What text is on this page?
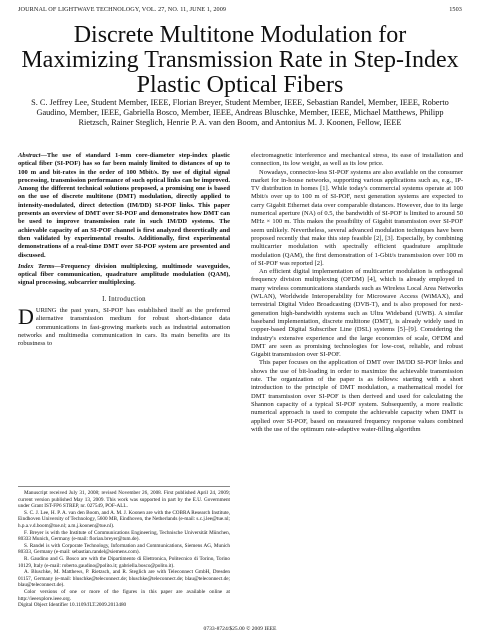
JOURNAL OF LIGHTWAVE TECHNOLOGY, VOL. 27, NO. 11, JUNE 1, 2009	1503
Discrete Multitone Modulation for Maximizing Transmission Rate in Step-Index Plastic Optical Fibers
S. C. Jeffrey Lee, Student Member, IEEE, Florian Breyer, Student Member, IEEE, Sebastian Randel, Member, IEEE, Roberto Gaudino, Member, IEEE, Gabriella Bosco, Member, IEEE, Andreas Bluschke, Member, IEEE, Michael Matthews, Philipp Rietzsch, Rainer Steglich, Henrie P. A. van den Boom, and Antonius M. J. Koonen, Fellow, IEEE

Abstract—The use of standard 1-mm core-diameter step-index plastic optical fiber (SI-POF) has so far been mainly limited to distances of up to 100 m and bit-rates in the order of 100 Mbit/s. By use of digital signal processing, transmission performance of such optical links can be improved. Among the different technical solutions proposed, a promising one is based on the use of discrete multitone (DMT) modulation, directly applied to intensity-modulated, direct detection (IM/DD) SI-POF links. This paper presents an overview of DMT over SI-POF and demonstrates how DMT can be used to improve transmission rate in such IM/DD systems. The achievable capacity of an SI-POF channel is first analyzed theoretically and then validated by experimental results. Additionally, first experimental demonstrations of a real-time DMT over SI-POF system are presented and discussed.

Index Terms—Frequency division multiplexing, multimode waveguides, optical fiber communication, quadrature amplitude modulation (QAM), signal processing, subcarrier multiplexing.

I. Introduction
DURING the past years, SI-POF has established itself as the preferred alternative transmission medium for robust short-distance data communications in fast-growing markets such as industrial automation networks and multimedia communication in cars. Its main benefits are its robustness to

Manuscript received July 31, 2008; revised November 26, 2008. First published April 24, 2009; current version published May 13, 2009. This work was supported in part by the E.U. Government under Grant IST-FP6 STREP, nr. 027549, POF-ALL.

S. C. J. Lee, H. P. A. van den Boom, and A. M. J. Koonen are with the COBRA Research Institute, Eindhoven University of Technology, 5600 MB, Eindhoven, the Netherlands (e-mail: s.c.j.lee@tue.nl; h.p.a.v.d.boom@tue.nl; a.m.j.koonen@tue.nl).

F. Breyer is with the Institute of Communications Engineering, Technische Universität München, 80333 Munich, Germany (e-mail: florian.breyer@tum.de).

S. Randel is with Corporate Technology, Information and Communications, Siemens AG, Munich 80333, Germany (e-mail: sebastian.randel@siemens.com).

R. Gaudino and G. Bosco are with the Dipartimento di Elettronica, Politecnico di Torino, Torino 10129, Italy (e-mail: roberto.gaudino@polito.it; gabriella.bosco@polito.it).

A. Bluschke, M. Matthews, P. Rietzsch, and R. Steglich are with Teleconnect GmbH, Dresden 01157, Germany (e-mail: bluschke@teleconnect.de; bluschke@teleconnect.de; blau@teleconnect.de; blau@teleconnect.de).

Color versions of one or more of the figures in this paper are available online at http://ieeexplore.ieee.org.

Digital Object Identifier 10.1109/JLT.2009.2013480

electromagnetic interference and mechanical stress, its ease of installation and connection, its low weight, as well as its low price.

Nowadays, connector-less SI-POF systems are also available on the consumer market for in-house networks, supporting various applications such as, e.g., IP-TV distribution in homes [1]. While today's commercial systems operate at 100 Mbit/s over up to 100 m of SI-POF, next generation systems are expected to carry Gigabit Ethernet data over comparable distances. However, due to its large numerical aperture (NA) of 0.5, the bandwidth of SI-POF is limited to around 50 MHz × 100 m. This makes the possibility of Gigabit transmission over SI-POF seem unlikely. Nevertheless, several advanced modulation techniques have been proposed recently that make this step feasible [2], [3]. Especially, by combining multicarrier modulation with spectrally efficient quadrature amplitude modulation (QAM), the first demonstration of 1-Gbit/s transmission over 100 m of SI-POF was reported [2].

An efficient digital implementation of multicarrier modulation is orthogonal frequency division multiplexing (OFDM) [4], which is already employed in many wireless communications standards such as Wireless Local Area Networks (WLAN), Worldwide Interoperability for Microwave Access (WiMAX), and terrestrial Digital Video Broadcasting (DVB-T), and is also proposed for next-generation high-bandwidth systems such as Ultra Wideband (UWB). A similar baseband implementation, discrete multitone (DMT), is already widely used in copper-based Digital Subscriber Line (DSL) systems [5]–[9]. Considering the industry's extensive experience and the large economies of scale, OFDM and DMT are seen as promising technologies for low-cost, reliable, and robust Gigabit transmission over SI-POF.

This paper focuses on the application of DMT over IM/DD SI-POF links and shows the use of bit-loading in order to maximize the achievable transmission rate. The organization of the paper is as follows: starting with a short introduction to the principle of DMT modulation, a mathematical model for DMT transmission over SI-POF is then derived and used for calculating the Shannon capacity of a typical SI-POF system. Subsequently, a more realistic numerical approach is used to compute the achievable capacity when DMT is applied over SI-POF, based on measured frequency response values combined with the use of the optimum rate-adaptive water-filling algorithm

0733-8724/$25.00 © 2009 IEEE
